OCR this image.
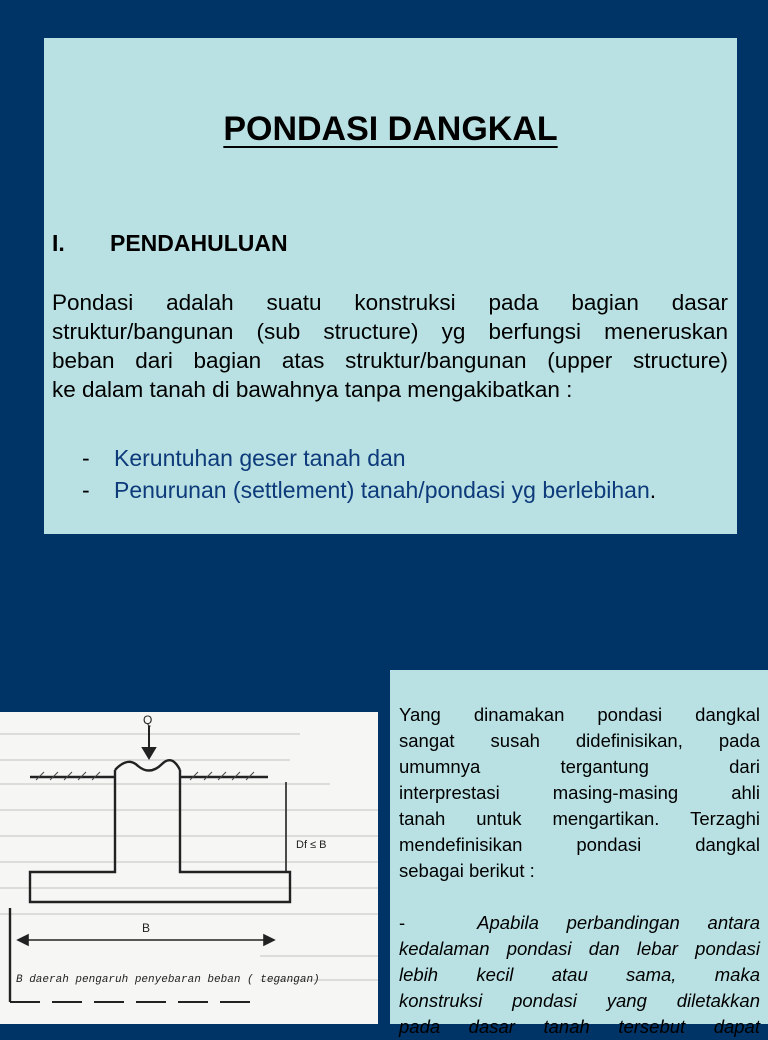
PONDASI DANGKAL
I. PENDAHULUAN

Pondasi adalah suatu konstruksi pada bagian dasar
struktur/bangunan (sub structure) yg berfungsi meneruskan
beban dari bagian atas struktur/bangunan (upper structure)
ke dalam tanah di bawahnya tanpa mengakibatkan :

- Keruntuhan geser tanah dan
- Penurunan (settlement) tanah/pondasi yg berlebihan.
Q
Df ≤ B
B
B daerah pengaruh penyebaran beban ( tegangan)

Yang dinamakan pondasi dangkal
sangat susah didefinisikan, pada
umumnya tergantung dari
interprestasi masing-masing ahli
tanah untuk mengartikan. Terzaghi
mendefinisikan pondasi dangkal
sebagai berikut :
-	Apabila perbandingan antara
kedalaman pondasi dan lebar pondasi
lebih kecil atau sama, maka
konstruksi pondasi yang diletakkan
pada dasar tanah tersebut dapat
